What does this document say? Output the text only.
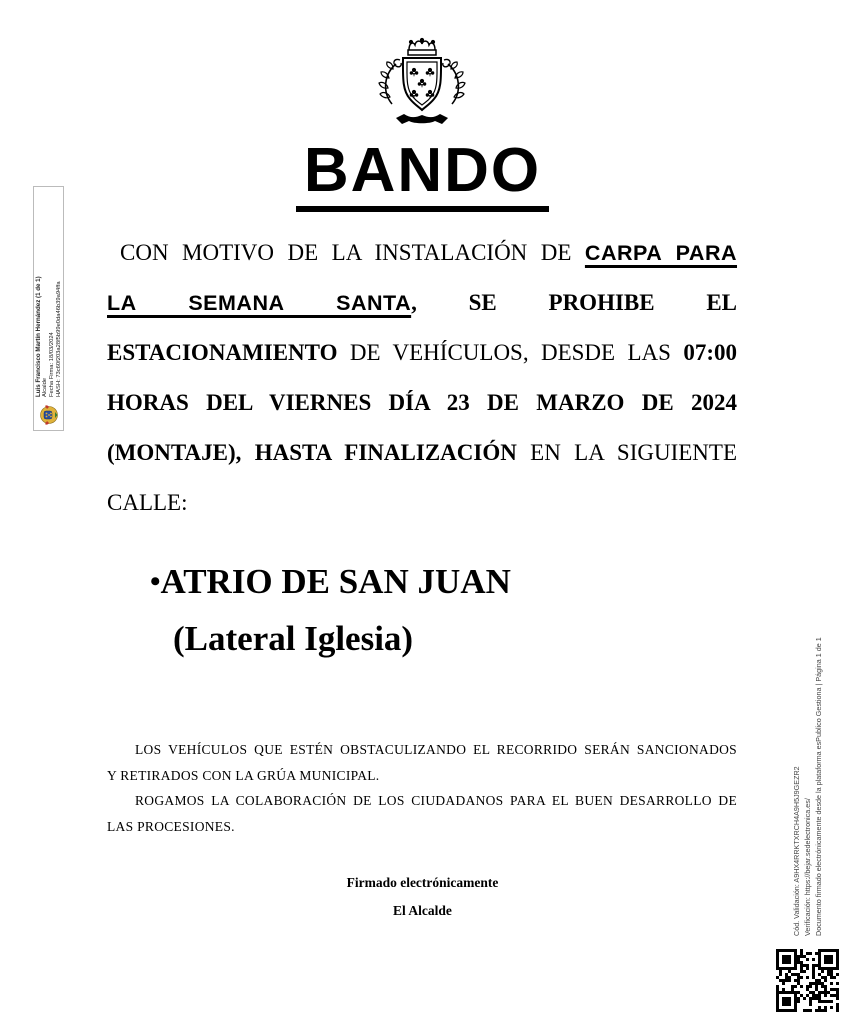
BANDO
CON MOTIVO DE LA INSTALACIÓN DE CARPA PARA
LA SEMANA SANTA, SE PROHIBE EL
ESTACIONAMIENTO DE VEHÍCULOS, DESDE LAS 07:00
HORAS DEL VIERNES DÍA 23 DE MARZO DE 2024
(MONTAJE), HASTA FINALIZACIÓN EN LA SIGUIENTE
CALLE:
•ATRIO DE SAN JUAN
(Lateral Iglesia)
LOS VEHÍCULOS QUE ESTÉN OBSTACULIZANDO EL RECORRIDO SERÁN SANCIONADOS
Y RETIRADOS CON LA GRÚA MUNICIPAL.
ROGAMOS LA COLABORACIÓN DE LOS CIUDADANOS PARA EL BUEN DESARROLLO DE
LAS PROCESIONES.
Firmado electrónicamente
El Alcalde
Luis Francisco Martín Hernández (1 de 1) Alcalde Fecha Firma: 18/03/2024 HASH: 73c60f203a28f5b99e0da46b39a94ffa
Cód. Validación: A9HX4RRKTXRCH4A9H5J9GEZR2 Verificación: https://bejar.sedelectronica.es/ Documento firmado electrónicamente desde la plataforma esPublico Gestiona | Página 1 de 1
